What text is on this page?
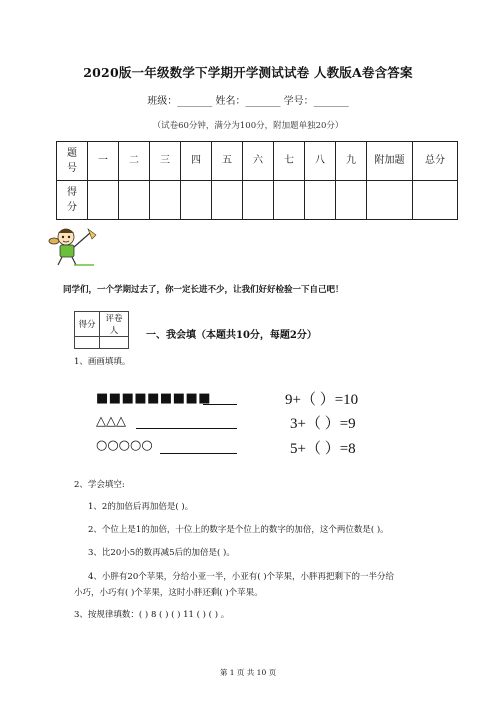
2020版一年级数学下学期开学测试试卷 人教版A卷含答案
班级：_______ 姓名：_______ 学号：_______
（试卷60分钟，满分为100分，附加题单独20分）
题号	一	二	三	四	五	六	七	八	九	附加题	总分
得分											
同学们，一个学期过去了，你一定长进不少，让我们好好检验一下自己吧！
得分	评卷人
		一、我会填（本题共10分，每题2分）
1、画画填填。
■■■■■■■■■	9+（ ）=10
△△△	3+（ ）=9
○○○○○	5+（ ）=8
2、学会填空:
1、2的加倍后再加倍是( )。
2、个位上是1的加倍，十位上的数字是个位上的数字的加倍，这个两位数是( )。
3、比20小5的数再减5后的加倍是( )。
4、小胖有20个苹果，分给小亚一半，小亚有( )个苹果，小胖再把剩下的一半分给
小巧，小巧有( )个苹果，这时小胖还剩( )个苹果。
3、按规律填数：( ) 8 ( ) ( ) 11 ( ) ( ) 。
第 1 页 共 10 页
